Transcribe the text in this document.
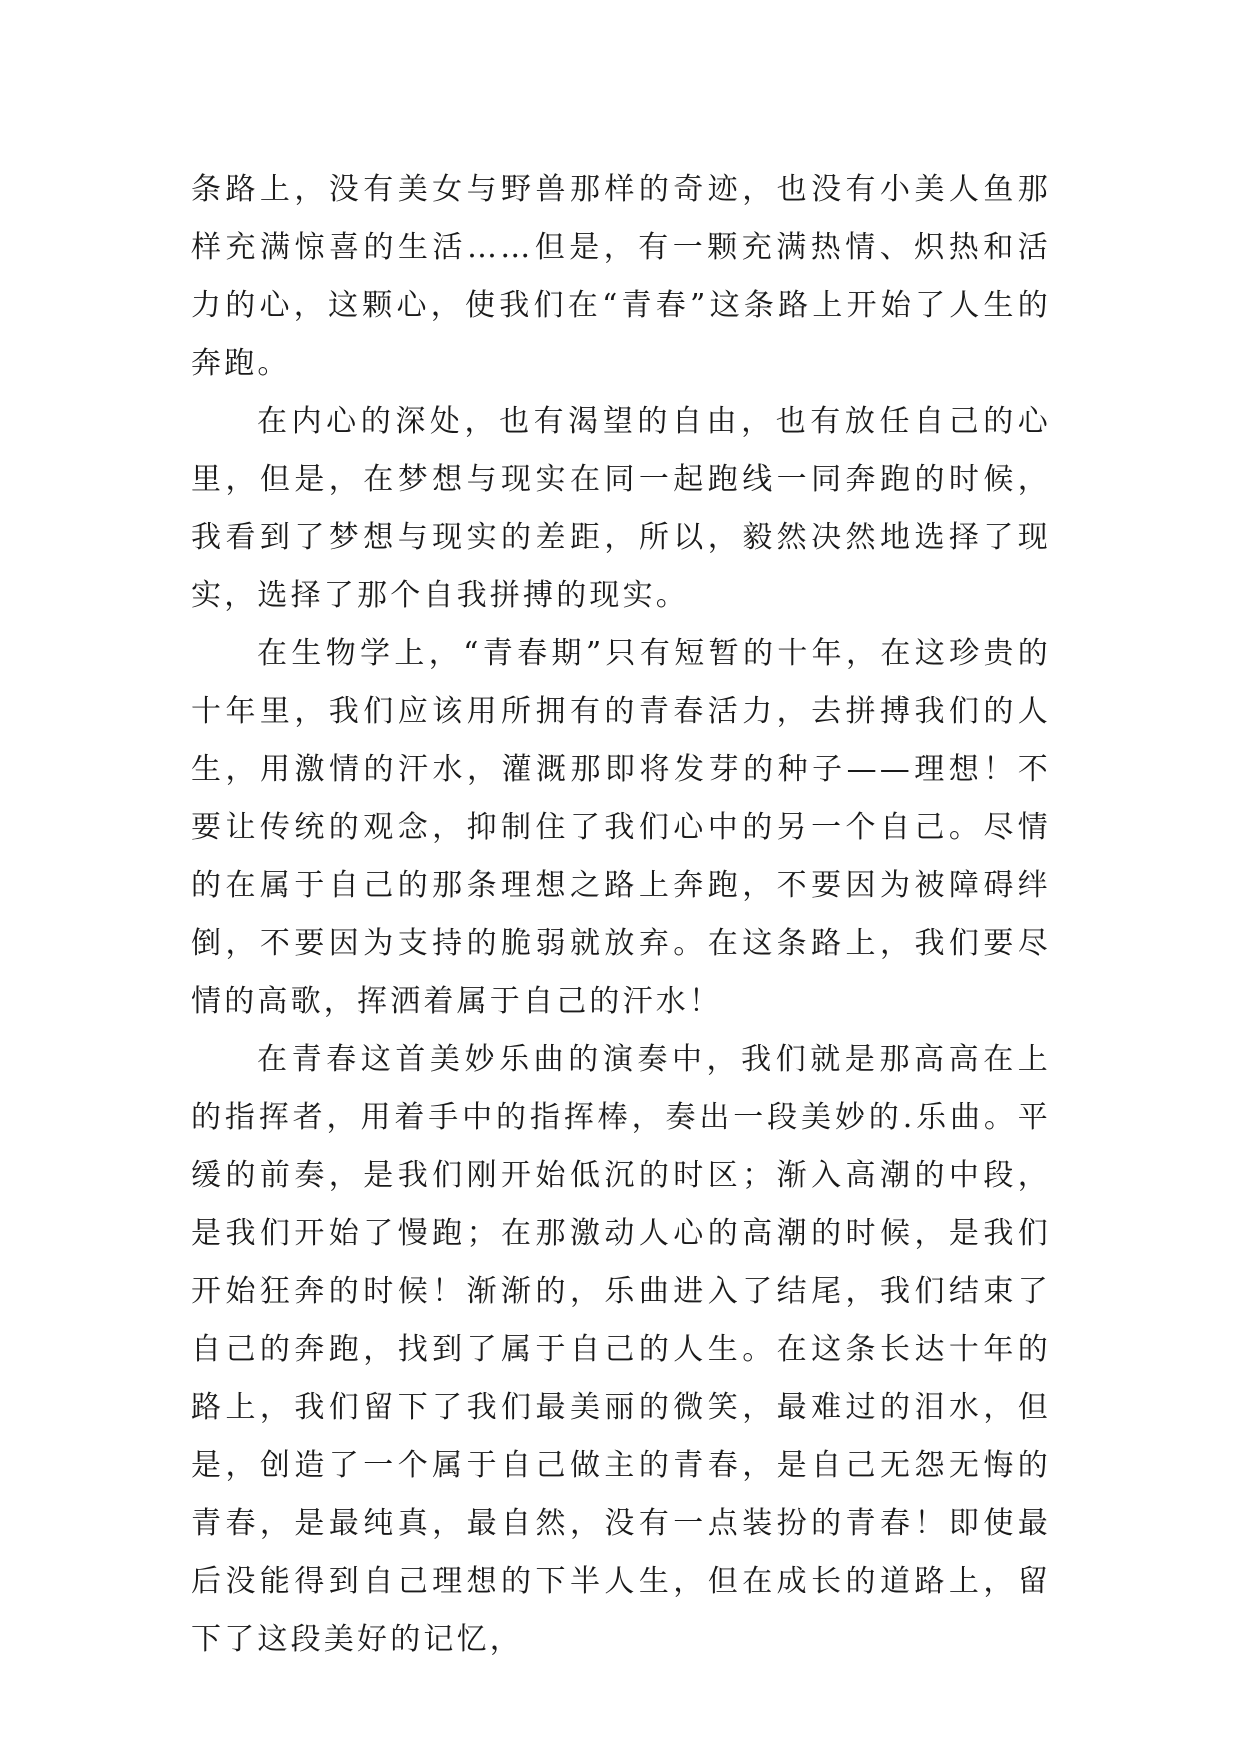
条路上，没有美女与野兽那样的奇迹，也没有小美人鱼那样充满惊喜的生活……但是，有一颗充满热情、炽热和活力的心，这颗心，使我们在“青春”这条路上开始了人生的奔跑。

在内心的深处，也有渴望的自由，也有放任自己的心里，但是，在梦想与现实在同一起跑线一同奔跑的时候，我看到了梦想与现实的差距，所以，毅然决然地选择了现实，选择了那个自我拼搏的现实。

在生物学上，“青春期”只有短暂的十年，在这珍贵的十年里，我们应该用所拥有的青春活力，去拼搏我们的人生，用激情的汗水，灌溉那即将发芽的种子——理想！不要让传统的观念，抑制住了我们心中的另一个自己。尽情的在属于自己的那条理想之路上奔跑，不要因为被障碍绊倒，不要因为支持的脆弱就放弃。在这条路上，我们要尽情的高歌，挥洒着属于自己的汗水！

在青春这首美妙乐曲的演奏中，我们就是那高高在上的指挥者，用着手中的指挥棒，奏出一段美妙的.乐曲。平缓的前奏，是我们刚开始低沉的时区；渐入高潮的中段，是我们开始了慢跑；在那激动人心的高潮的时候，是我们开始狂奔的时候！渐渐的，乐曲进入了结尾，我们结束了自己的奔跑，找到了属于自己的人生。在这条长达十年的路上，我们留下了我们最美丽的微笑，最难过的泪水，但是，创造了一个属于自己做主的青春，是自己无怨无悔的青春，是最纯真，最自然，没有一点装扮的青春！即使最后没能得到自己理想的下半人生，但在成长的道路上，留下了这段美好的记忆，
